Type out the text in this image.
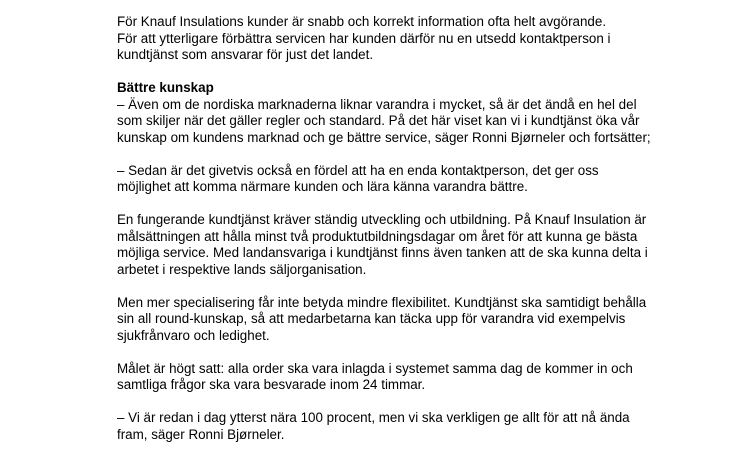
För Knauf Insulations kunder är snabb och korrekt information ofta helt avgörande.
För att ytterligare förbättra servicen har kunden därför nu en utsedd kontaktperson i
kundtjänst som ansvarar för just det landet.

Bättre kunskap

– Även om de nordiska marknaderna liknar varandra i mycket, så är det ändå en hel del
som skiljer när det gäller regler och standard. På det här viset kan vi i kundtjänst öka vår
kunskap om kundens marknad och ge bättre service, säger Ronni Bjørneler och fortsätter;

– Sedan är det givetvis också en fördel att ha en enda kontaktperson, det ger oss
möjlighet att komma närmare kunden och lära känna varandra bättre.

En fungerande kundtjänst kräver ständig utveckling och utbildning. På Knauf Insulation är
målsättningen att hålla minst två produktutbildningsdagar om året för att kunna ge bästa
möjliga service. Med landansvariga i kundtjänst finns även tanken att de ska kunna delta i
arbetet i respektive lands säljorganisation.

Men mer specialisering får inte betyda mindre flexibilitet. Kundtjänst ska samtidigt behålla
sin all round-kunskap, så att medarbetarna kan täcka upp för varandra vid exempelvis
sjukfrånvaro och ledighet.

Målet är högt satt: alla order ska vara inlagda i systemet samma dag de kommer in och
samtliga frågor ska vara besvarade inom 24 timmar.

– Vi är redan i dag ytterst nära 100 procent, men vi ska verkligen ge allt för att nå ända
fram, säger Ronni Bjørneler.
